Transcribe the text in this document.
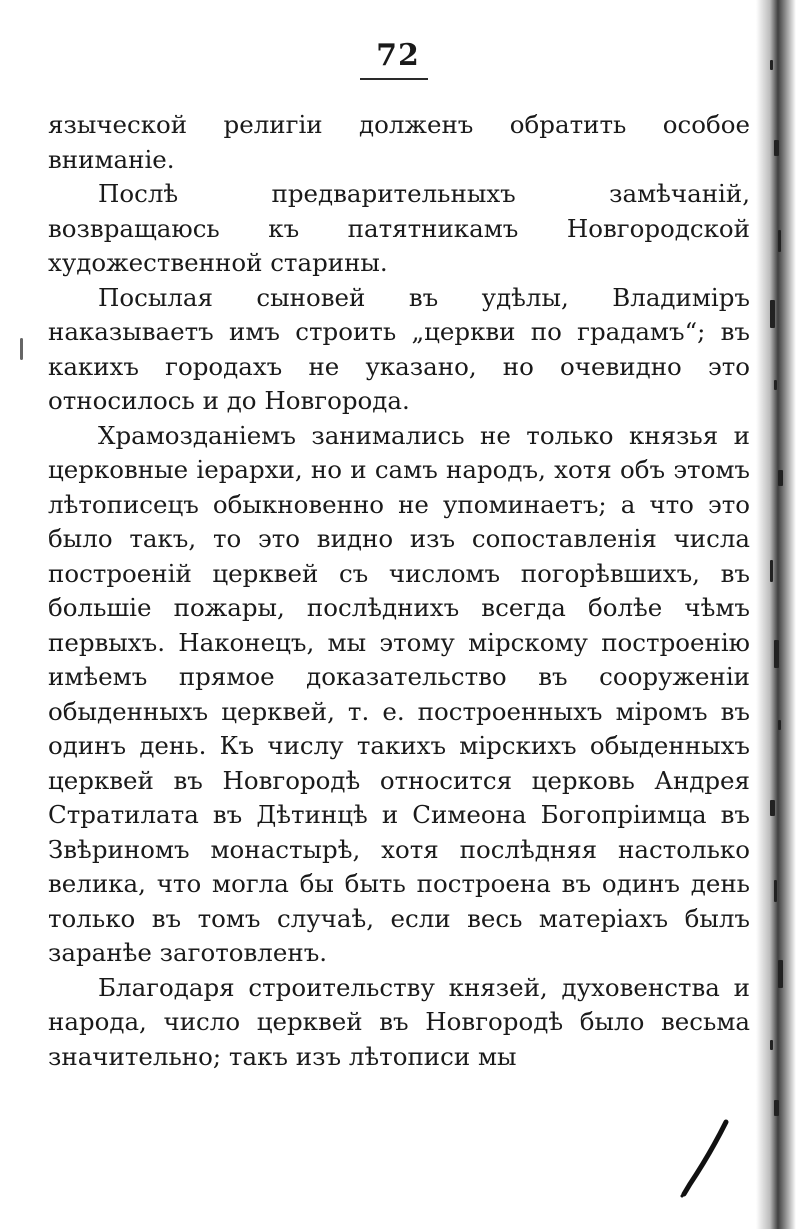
72

языческой религіи долженъ обратить особое вниманіе.

Послѣ предварительныхъ замѣчаній, возвращаюсь къ патятникамъ Новгородской художественной старины.

Посылая сыновей въ удѣлы, Владиміръ наказываетъ имъ строить „церкви по градамъ“; въ какихъ городахъ не указано, но очевидно это относилось и до Новгорода.

Храмозданіемъ занимались не только князья и церковные іерархи, но и самъ народъ, хотя объ этомъ лѣтописецъ обыкновенно не упоминаетъ; а что это было такъ, то это видно изъ сопоставленія числа построеній церквей съ числомъ погорѣвшихъ, въ большіе пожары, послѣднихъ всегда болѣе чѣмъ первыхъ. Наконецъ, мы этому мірскому построенію имѣемъ прямое доказательство въ сооруженіи обыденныхъ церквей, т. е. построенныхъ міромъ въ одинъ день. Къ числу такихъ мірскихъ обыденныхъ церквей въ Новгородѣ относится церковь Андрея Стратилата въ Дѣтинцѣ и Симеона Богопріимца въ Звѣриномъ монастырѣ, хотя послѣдняя настолько велика, что могла бы быть построена въ одинъ день только въ томъ случаѣ, если весь матеріахъ былъ заранѣе заготовленъ.

Благодаря строительству князей, духовенства и народа, число церквей въ Новгородѣ было весьма значительно; такъ изъ лѣтописи мы
